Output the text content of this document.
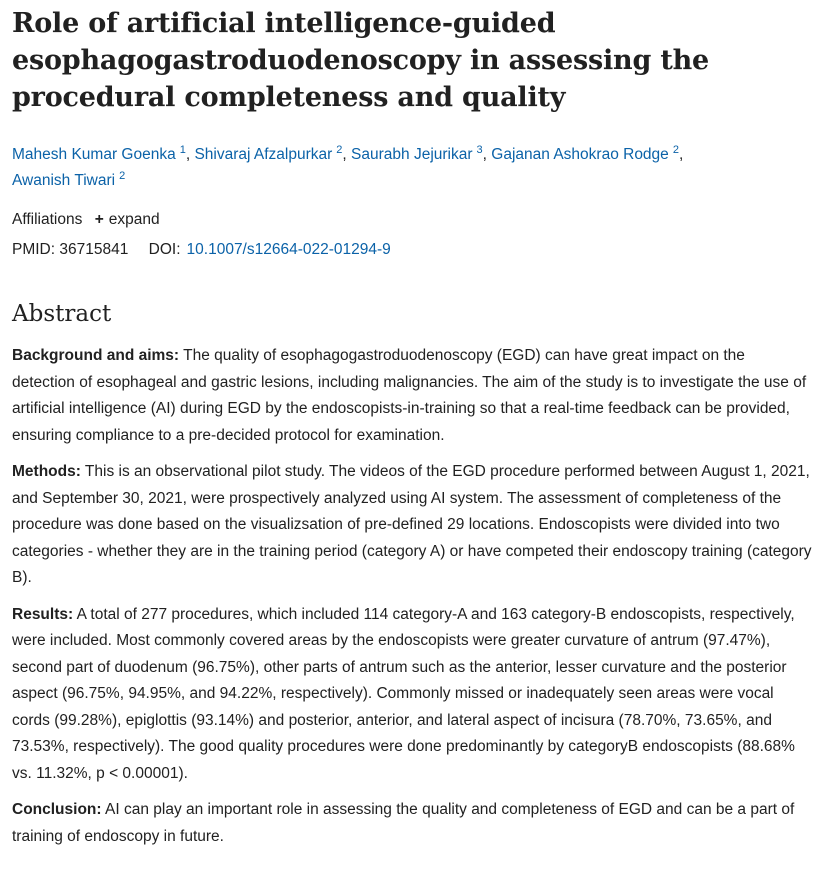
Role of artificial intelligence-guided esophagogastroduodenoscopy in assessing the procedural completeness and quality
Mahesh Kumar Goenka $^1$, Shivaraj Afzalpurkar $^2$, Saurabh Jejurikar $^3$, Gajanan Ashokrao Rodge $^2$,
Awanish Tiwari $^2$
Affiliations + expand
PMID: 36715841 DOI: 10.1007/s12664-022-01294-9
Abstract

Background and aims: The quality of esophagogastroduodenoscopy (EGD) can have great impact on the detection of esophageal and gastric lesions, including malignancies. The aim of the study is to investigate the use of artificial intelligence (AI) during EGD by the endoscopists-in-training so that a real-time feedback can be provided, ensuring compliance to a pre-decided protocol for examination.

Methods: This is an observational pilot study. The videos of the EGD procedure performed between August 1, 2021, and September 30, 2021, were prospectively analyzed using AI system. The assessment of completeness of the procedure was done based on the visualizsation of pre-defined 29 locations. Endoscopists were divided into two categories - whether they are in the training period (category A) or have competed their endoscopy training (category B).

Results: A total of 277 procedures, which included 114 category-A and 163 category-B endoscopists, respectively, were included. Most commonly covered areas by the endoscopists were greater curvature of antrum (97.47%), second part of duodenum (96.75%), other parts of antrum such as the anterior, lesser curvature and the posterior aspect (96.75%, 94.95%, and 94.22%, respectively). Commonly missed or inadequately seen areas were vocal cords (99.28%), epiglottis (93.14%) and posterior, anterior, and lateral aspect of incisura (78.70%, 73.65%, and 73.53%, respectively). The good quality procedures were done predominantly by categoryB endoscopists (88.68% vs. 11.32%, p < 0.00001).

Conclusion: AI can play an important role in assessing the quality and completeness of EGD and can be a part of training of endoscopy in future.
